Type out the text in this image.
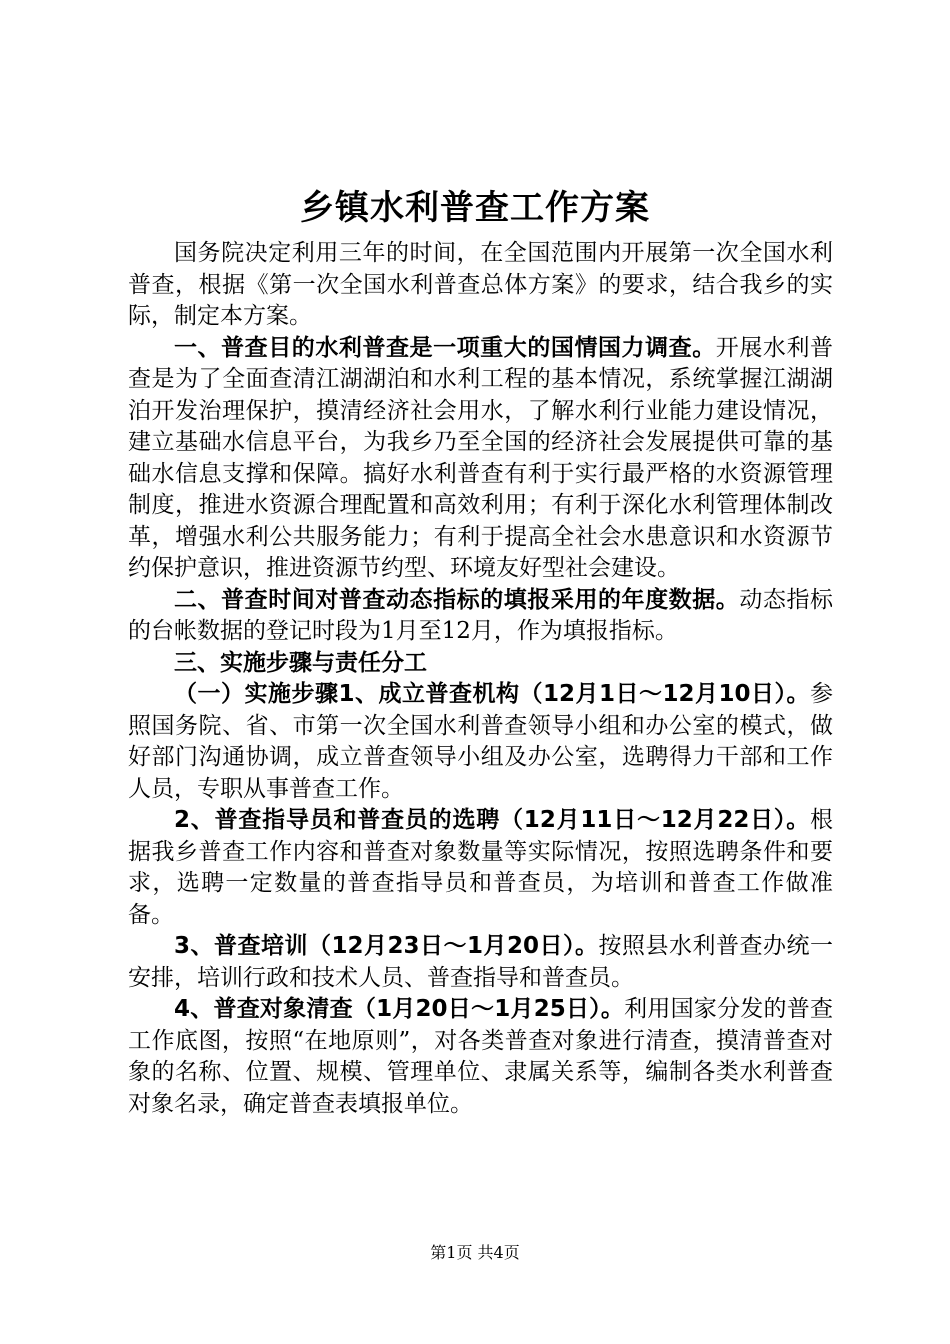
乡镇水利普查工作方案

国务院决定利用三年的时间，在全国范围内开展第一次全国水利普查，根据《第一次全国水利普查总体方案》的要求，结合我乡的实际，制定本方案。

一、普查目的水利普查是一项重大的国情国力调查。开展水利普查是为了全面查清江湖湖泊和水利工程的基本情况，系统掌握江湖湖泊开发治理保护，摸清经济社会用水，了解水利行业能力建设情况，建立基础水信息平台，为我乡乃至全国的经济社会发展提供可靠的基础水信息支撑和保障。搞好水利普查有利于实行最严格的水资源管理制度，推进水资源合理配置和高效利用；有利于深化水利管理体制改革，增强水利公共服务能力；有利于提高全社会水患意识和水资源节约保护意识，推进资源节约型、环境友好型社会建设。

二、普查时间对普查动态指标的填报采用的年度数据。动态指标的台帐数据的登记时段为1月至12月，作为填报指标。

三、实施步骤与责任分工

（一）实施步骤1、成立普查机构（12月1日～12月10日）。参照国务院、省、市第一次全国水利普查领导小组和办公室的模式，做好部门沟通协调，成立普查领导小组及办公室，选聘得力干部和工作人员，专职从事普查工作。

2、普查指导员和普查员的选聘（12月11日～12月22日）。根据我乡普查工作内容和普查对象数量等实际情况，按照选聘条件和要求，选聘一定数量的普查指导员和普查员，为培训和普查工作做准备。

3、普查培训（12月23日～1月20日）。按照县水利普查办统一安排，培训行政和技术人员、普查指导和普查员。

4、普查对象清查（1月20日～1月25日）。利用国家分发的普查工作底图，按照“在地原则”，对各类普查对象进行清查，摸清普查对象的名称、位置、规模、管理单位、隶属关系等，编制各类水利普查对象名录，确定普查表填报单位。

第1页 共4页
